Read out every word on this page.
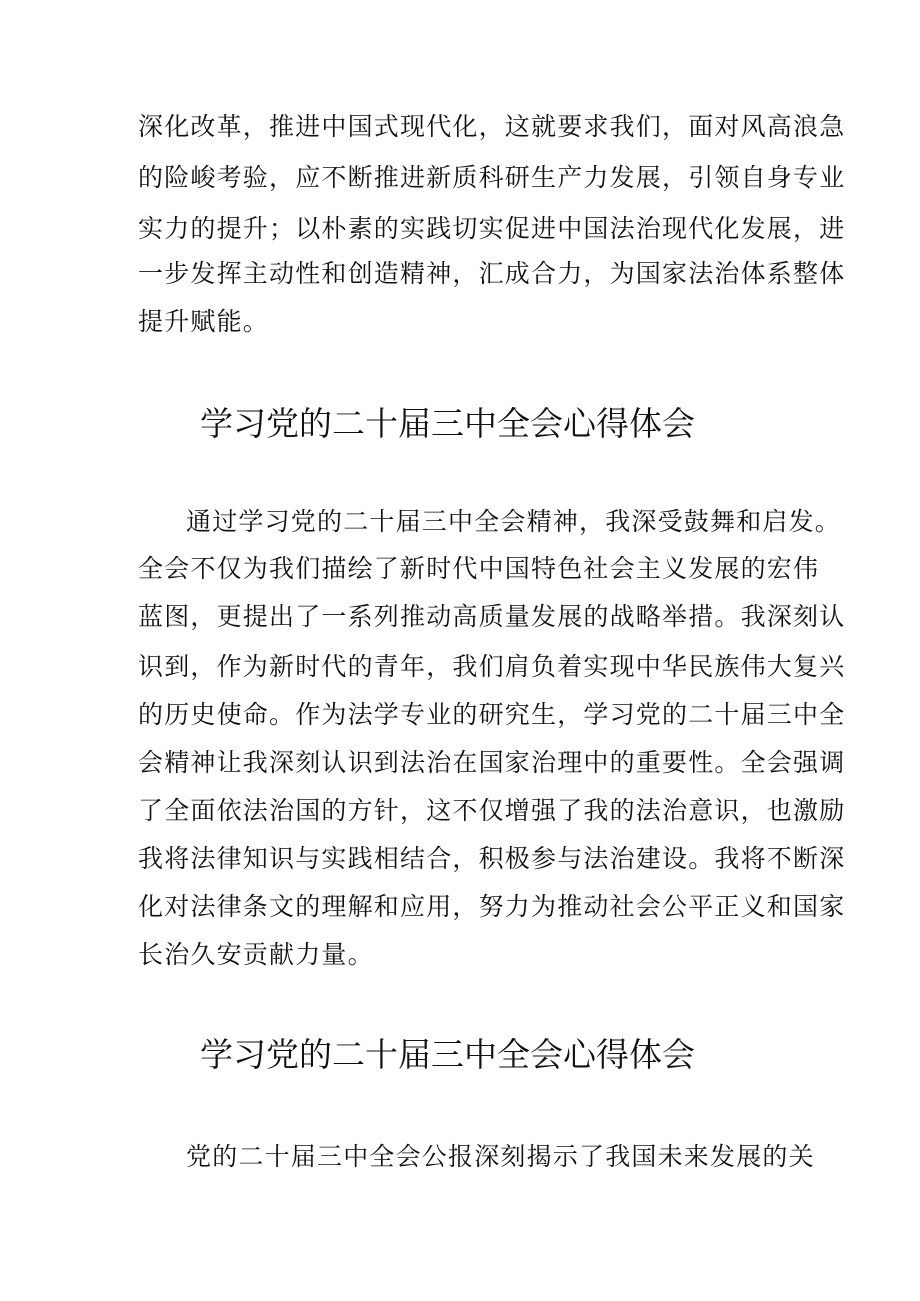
深化改革，推进中国式现代化，这就要求我们，面对风高浪急
的险峻考验，应不断推进新质科研生产力发展，引领自身专业
实力的提升；以朴素的实践切实促进中国法治现代化发展，进
一步发挥主动性和创造精神，汇成合力，为国家法治体系整体
提升赋能。
学习党的二十届三中全会心得体会
通过学习党的二十届三中全会精神，我深受鼓舞和启发。
全会不仅为我们描绘了新时代中国特色社会主义发展的宏伟
蓝图，更提出了一系列推动高质量发展的战略举措。我深刻认
识到，作为新时代的青年，我们肩负着实现中华民族伟大复兴
的历史使命。作为法学专业的研究生，学习党的二十届三中全
会精神让我深刻认识到法治在国家治理中的重要性。全会强调
了全面依法治国的方针，这不仅增强了我的法治意识，也激励
我将法律知识与实践相结合，积极参与法治建设。我将不断深
化对法律条文的理解和应用，努力为推动社会公平正义和国家
长治久安贡献力量。
学习党的二十届三中全会心得体会
党的二十届三中全会公报深刻揭示了我国未来发展的关
